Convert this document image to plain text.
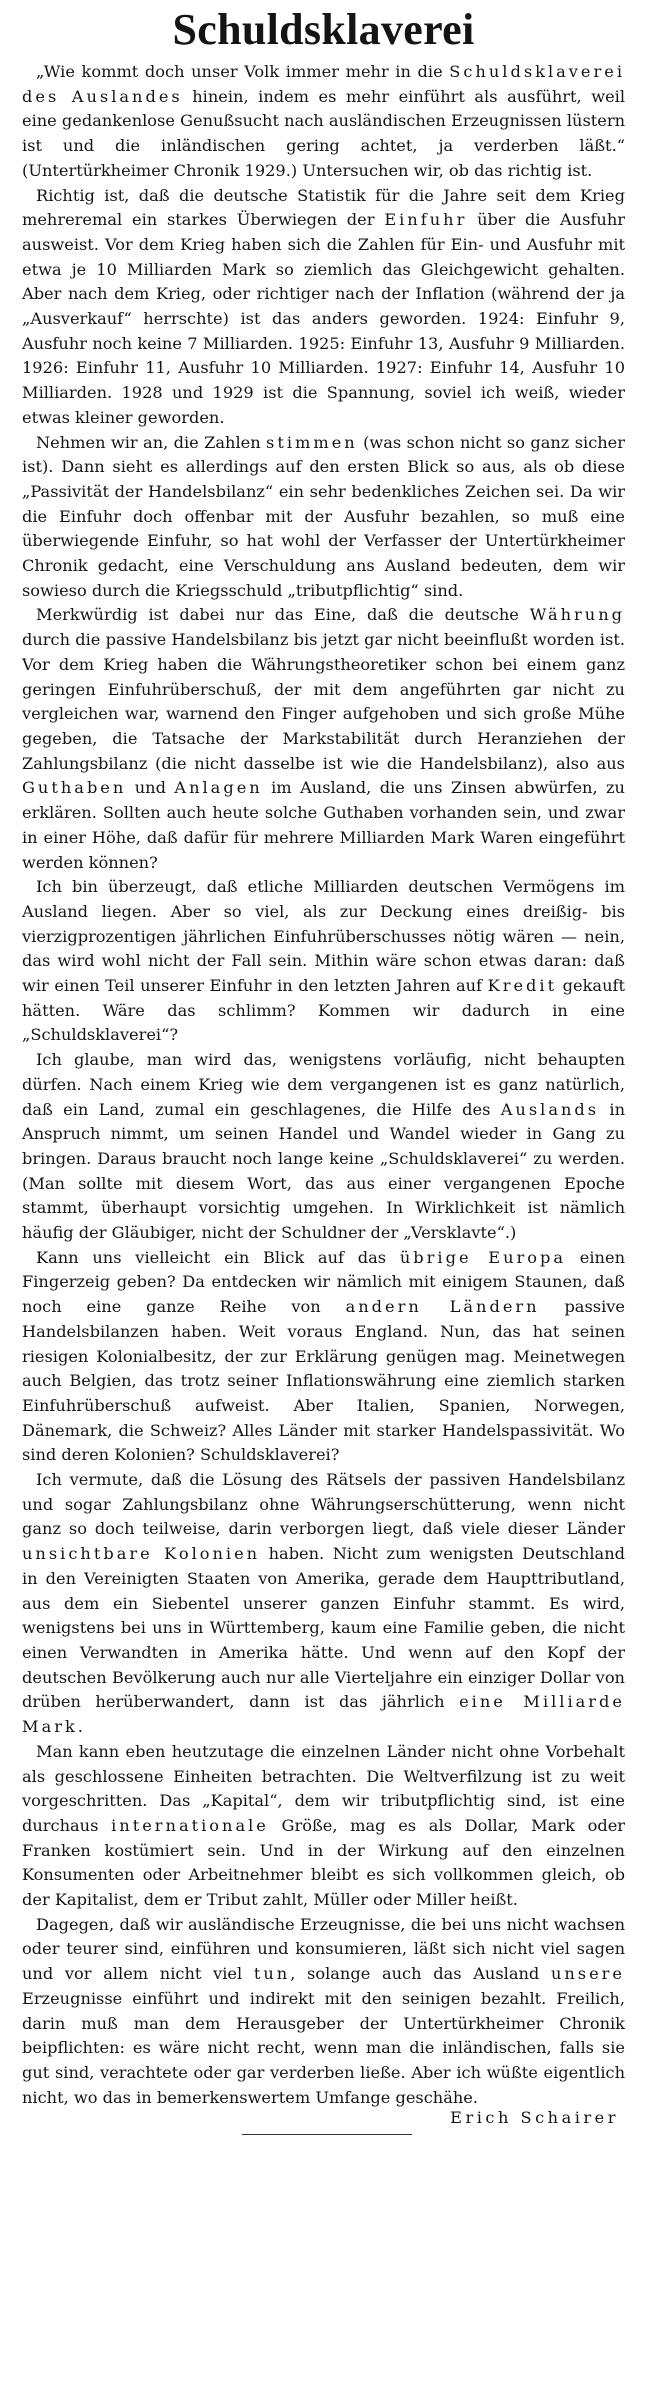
Schuldsklaverei

„Wie kommt doch unser Volk immer mehr in die Schuldsklaverei des Auslandes hinein, indem es mehr einführt als ausführt, weil eine gedankenlose Genußsucht nach ausländischen Erzeugnissen lüstern ist und die inländischen gering achtet, ja verderben läßt.“ (Untertürkheimer Chronik 1929.) Untersuchen wir, ob das richtig ist.

Richtig ist, daß die deutsche Statistik für die Jahre seit dem Krieg mehreremal ein starkes Überwiegen der Einfuhr über die Ausfuhr ausweist. Vor dem Krieg haben sich die Zahlen für Ein- und Ausfuhr mit etwa je 10 Milliarden Mark so ziemlich das Gleichgewicht gehalten. Aber nach dem Krieg, oder richtiger nach der Inflation (während der ja „Ausverkauf“ herrschte) ist das anders geworden. 1924: Einfuhr 9, Ausfuhr noch keine 7 Milliarden. 1925: Einfuhr 13, Ausfuhr 9 Milliarden. 1926: Einfuhr 11, Ausfuhr 10 Milliarden. 1927: Einfuhr 14, Ausfuhr 10 Milliarden. 1928 und 1929 ist die Spannung, soviel ich weiß, wieder etwas kleiner geworden.

Nehmen wir an, die Zahlen stimmen (was schon nicht so ganz sicher ist). Dann sieht es allerdings auf den ersten Blick so aus, als ob diese „Passivität der Handelsbilanz“ ein sehr bedenkliches Zeichen sei. Da wir die Einfuhr doch offenbar mit der Ausfuhr bezahlen, so muß eine überwiegende Einfuhr, so hat wohl der Verfasser der Untertürkheimer Chronik gedacht, eine Verschuldung ans Ausland bedeuten, dem wir sowieso durch die Kriegsschuld „tributpflichtig“ sind.

Merkwürdig ist dabei nur das Eine, daß die deutsche Währung durch die passive Handelsbilanz bis jetzt gar nicht beeinflußt worden ist. Vor dem Krieg haben die Währungstheoretiker schon bei einem ganz geringen Einfuhrüberschuß, der mit dem angeführten gar nicht zu vergleichen war, warnend den Finger aufgehoben und sich große Mühe gegeben, die Tatsache der Markstabilität durch Heranziehen der Zahlungsbilanz (die nicht dasselbe ist wie die Handelsbilanz), also aus Guthaben und Anlagen im Ausland, die uns Zinsen abwürfen, zu erklären. Sollten auch heute solche Guthaben vorhanden sein, und zwar in einer Höhe, daß dafür für mehrere Milliarden Mark Waren eingeführt werden können?

Ich bin überzeugt, daß etliche Milliarden deutschen Vermögens im Ausland liegen. Aber so viel, als zur Deckung eines dreißig- bis vierzigprozentigen jährlichen Einfuhrüberschusses nötig wären — nein, das wird wohl nicht der Fall sein. Mithin wäre schon etwas daran: daß wir einen Teil unserer Einfuhr in den letzten Jahren auf Kredit gekauft hätten. Wäre das schlimm? Kommen wir dadurch in eine „Schuldsklaverei“?

Ich glaube, man wird das, wenigstens vorläufig, nicht behaupten dürfen. Nach einem Krieg wie dem vergangenen ist es ganz natürlich, daß ein Land, zumal ein geschlagenes, die Hilfe des Auslands in Anspruch nimmt, um seinen Handel und Wandel wieder in Gang zu bringen. Daraus braucht noch lange keine „Schuldsklaverei“ zu werden. (Man sollte mit diesem Wort, das aus einer vergangenen Epoche stammt, überhaupt vorsichtig umgehen. In Wirklichkeit ist nämlich häufig der Gläubiger, nicht der Schuldner der „Versklavte“.)

Kann uns vielleicht ein Blick auf das übrige Europa einen Fingerzeig geben? Da entdecken wir nämlich mit einigem Staunen, daß noch eine ganze Reihe von andern Ländern passive Handelsbilanzen haben. Weit voraus England. Nun, das hat seinen riesigen Kolonialbesitz, der zur Erklärung genügen mag. Meinetwegen auch Belgien, das trotz seiner Inflationswährung eine ziemlich starken Einfuhrüberschuß aufweist. Aber Italien, Spanien, Norwegen, Dänemark, die Schweiz? Alles Länder mit starker Handelspassivität. Wo sind deren Kolonien? Schuldsklaverei?

Ich vermute, daß die Lösung des Rätsels der passiven Handelsbilanz und sogar Zahlungsbilanz ohne Währungserschütterung, wenn nicht ganz so doch teilweise, darin verborgen liegt, daß viele dieser Länder unsichtbare Kolonien haben. Nicht zum wenigsten Deutschland in den Vereinigten Staaten von Amerika, gerade dem Haupttributland, aus dem ein Siebentel unserer ganzen Einfuhr stammt. Es wird, wenigstens bei uns in Württemberg, kaum eine Familie geben, die nicht einen Verwandten in Amerika hätte. Und wenn auf den Kopf der deutschen Bevölkerung auch nur alle Vierteljahre ein einziger Dollar von drüben herüberwandert, dann ist das jährlich eine Milliarde Mark.

Man kann eben heutzutage die einzelnen Länder nicht ohne Vorbehalt als geschlossene Einheiten betrachten. Die Weltverfilzung ist zu weit vorgeschritten. Das „Kapital“, dem wir tributpflichtig sind, ist eine durchaus internationale Größe, mag es als Dollar, Mark oder Franken kostümiert sein. Und in der Wirkung auf den einzelnen Konsumenten oder Arbeitnehmer bleibt es sich vollkommen gleich, ob der Kapitalist, dem er Tribut zahlt, Müller oder Miller heißt.

Dagegen, daß wir ausländische Erzeugnisse, die bei uns nicht wachsen oder teurer sind, einführen und konsumieren, läßt sich nicht viel sagen und vor allem nicht viel tun, solange auch das Ausland unsere Erzeugnisse einführt und indirekt mit den seinigen bezahlt. Freilich, darin muß man dem Herausgeber der Untertürkheimer Chronik beipflichten: es wäre nicht recht, wenn man die inländischen, falls sie gut sind, verachtete oder gar verderben ließe. Aber ich wüßte eigentlich nicht, wo das in bemerkenswertem Umfange geschähe.

Erich Schairer
